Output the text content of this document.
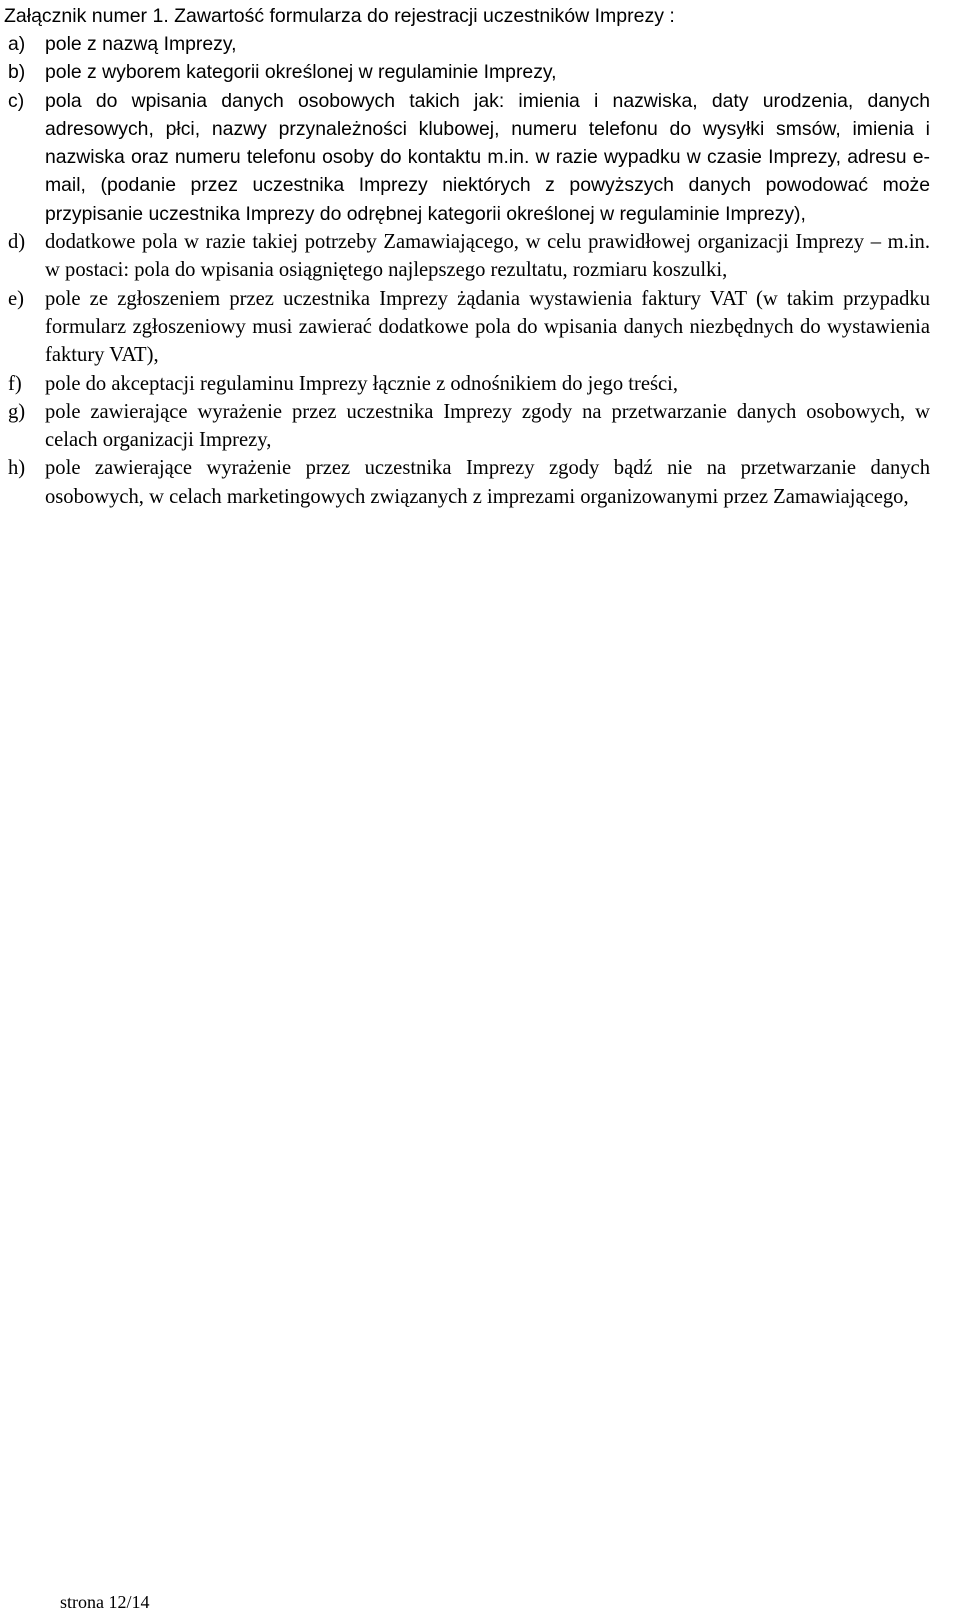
Załącznik numer 1. Zawartość formularza do rejestracji uczestników Imprezy :
a) pole z nazwą Imprezy,
b) pole z wyborem kategorii określonej w regulaminie Imprezy,
c) pola do wpisania danych osobowych takich jak: imienia i nazwiska, daty urodzenia, danych adresowych, płci, nazwy przynależności klubowej, numeru telefonu do wysyłki smsów, imienia i nazwiska oraz numeru telefonu osoby do kontaktu m.in. w razie wypadku w czasie Imprezy, adresu e-mail, (podanie przez uczestnika Imprezy niektórych z powyższych danych powodować może przypisanie uczestnika Imprezy do odrębnej kategorii określonej w regulaminie Imprezy),
d) dodatkowe pola w razie takiej potrzeby Zamawiającego, w celu prawidłowej organizacji Imprezy – m.in. w postaci: pola do wpisania osiągniętego najlepszego rezultatu, rozmiaru koszulki,
e) pole ze zgłoszeniem przez uczestnika Imprezy żądania wystawienia faktury VAT (w takim przypadku formularz zgłoszeniowy musi zawierać dodatkowe pola do wpisania danych niezbędnych do wystawienia faktury VAT),
f) pole do akceptacji regulaminu Imprezy łącznie z odnośnikiem do jego treści,
g) pole zawierające wyrażenie przez uczestnika Imprezy zgody na przetwarzanie danych osobowych, w celach organizacji Imprezy,
h) pole zawierające wyrażenie przez uczestnika Imprezy zgody bądź nie na przetwarzanie danych osobowych, w celach marketingowych związanych z imprezami organizowanymi przez Zamawiającego,
strona 12/14
